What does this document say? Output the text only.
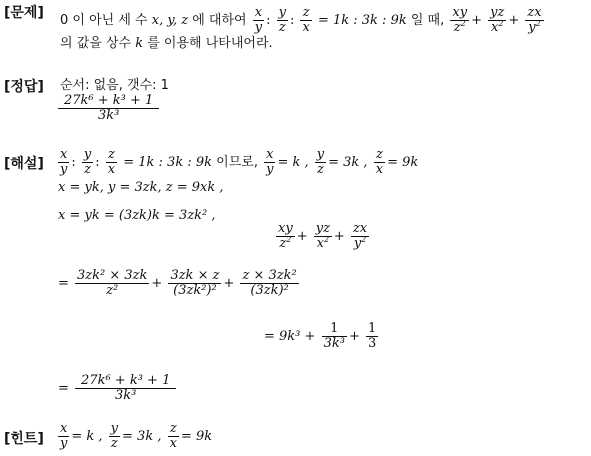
[문제]
[정답]
[해설]
[힌트]
0 이 아닌 세 수 x, y, z 에 대하여 $\frac{x}{y}$ : $\frac{y}{z}$ : $\frac{z}{x} = 1k$ : 3k : 9k 일 때, $\frac{xy}{z^2} + \frac{yz}{x^2} + \frac{zx}{y^2}$
의 값을 상수 k 를 이용해 나타내어라.
순서: 없음, 갯수: 1
$\frac{\text{27k⁶ + k³ + 1}}{\text{3k³}}$
$\frac{x}{y}$ : $\frac{y}{z}$ : $\frac{z}{x} = 1k$ : 3k : 9k 이므로, $\frac{x}{y} = k$ , $\frac{y}{z} = 3k$ , $\frac{z}{x} = 9k$
x = yk, y = 3zk, z = 9xk ,
x = yk = (3zk)k = 3zk² ,
$\frac{xy}{z^2} + \frac{yz}{x^2} + \frac{zx}{y^2}$
= $\frac{\text{3zk² × 3zk}}{\text{z²}} + \frac{3zk \times z}{\text{(3zk²)²}} + \frac{\text{z × 3zk²}}{\text{(3zk)²}}$
= $9k^3 + \frac{1}{\text{3k³}} + \frac{1}{3}$
= $\frac{\text{27k⁶ + k³ + 1}}{\text{3k³}}$
$\frac{x}{y} = k$ , $\frac{y}{z} = 3k$ , $\frac{z}{x} = 9k$
